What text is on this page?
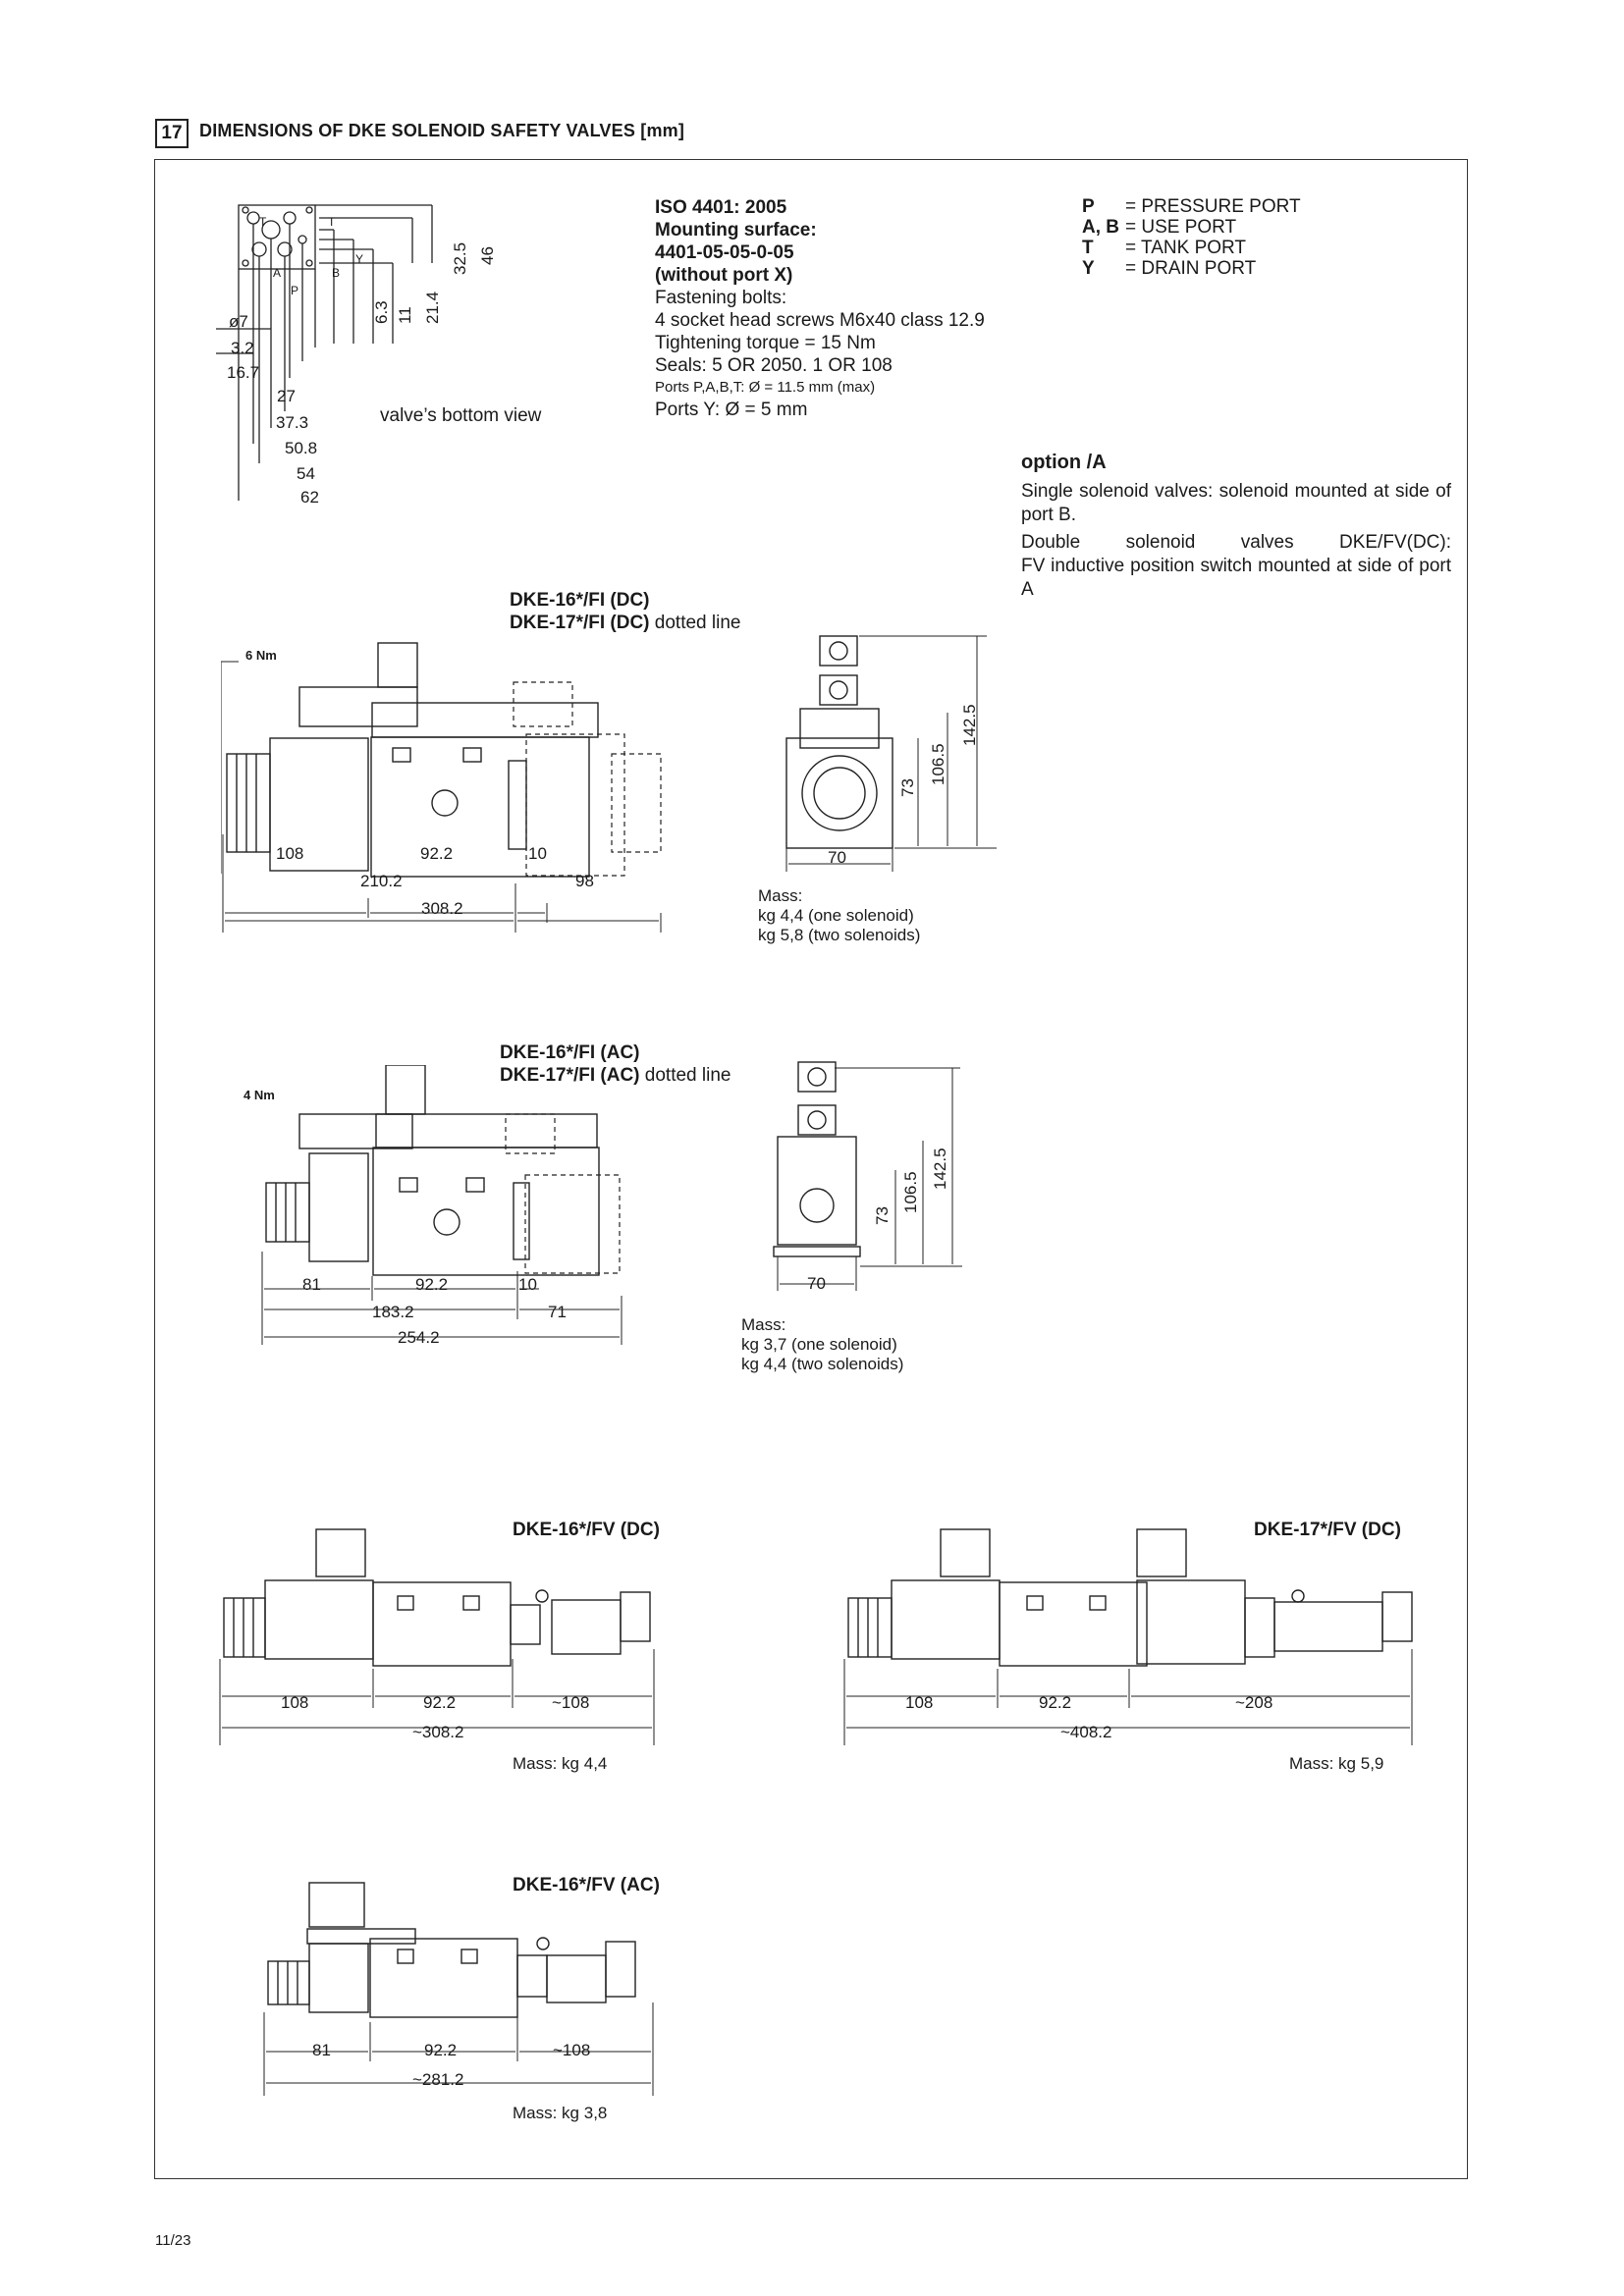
17 DIMENSIONS OF DKE SOLENOID SAFETY VALVES [mm]
ø7
3.2
16.7
27
37.3
50.8
54
62
6.3 11 21.4
32.5 46
T	T
A	B
Y
P
valve’s bottom view
ISO 4401: 2005
Mounting surface:
4401-05-05-0-05
(without port X)
Fastening bolts:
4 socket head screws M6x40 class 12.9
Tightening torque = 15 Nm
Seals: 5 OR 2050. 1 OR 108
Ports P,A,B,T: Ø = 11.5 mm (max)
Ports Y: Ø = 5 mm
P	= PRESSURE PORT
A, B = USE PORT
T	= TANK PORT
Y	= DRAIN PORT
option /A

Single solenoid valves: solenoid mounted at side of port B.

Double solenoid valves DKE/FV(DC):

FV inductive position switch mounted at side of port A

DKE-16*/FI (DC)
DKE-17*/FI (DC) dotted line
6 Nm
108	92.2	10
210.2	98
308.2
70
73
106.5
142.5
Mass:
kg 4,4 (one solenoid)
kg 5,8 (two solenoids)
DKE-16*/FI (AC)
DKE-17*/FI (AC) dotted line
4 Nm
81	92.2	10
183.2	71
254.2
70
73
106.5
142.5
Mass:
kg 3,7 (one solenoid)
kg 4,4 (two solenoids)
DKE-16*/FV (DC)
108	92.2	~108
~308.2
Mass: kg 4,4
DKE-17*/FV (DC)
108	92.2	~208
~408.2
Mass: kg 5,9
DKE-16*/FV (AC)
81	92.2	~108
~281.2
Mass: kg 3,8
11/23
